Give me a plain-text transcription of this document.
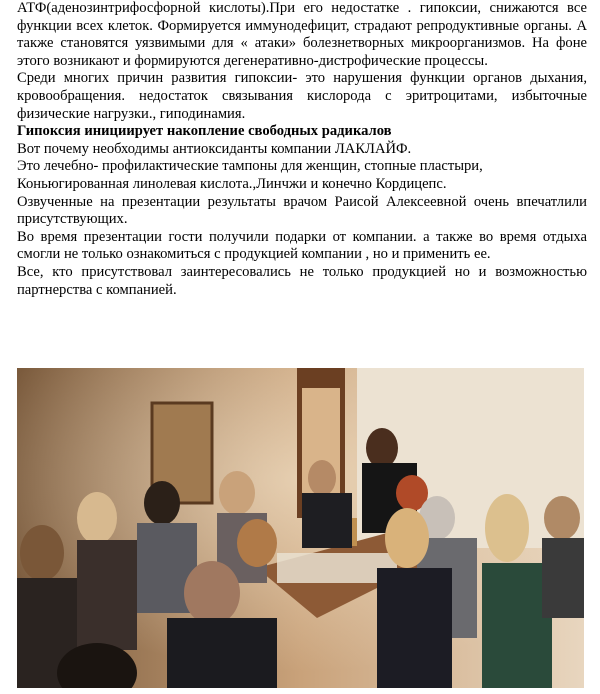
АТФ(аденозинтрифосфорной кислоты).При его недостатке . гипоксии, снижаются все функции всех клеток. Формируется иммунодефицит, страдают репродуктивные органы. А также становятся уязвимыми для « атаки» болезнетворных микроорганизмов. На фоне этого возникают и формируются дегенеративно-дистрофические процессы.

Среди многих причин развития гипоксии- это нарушения функции органов дыхания, кровообращения. недостаток связывания кислорода с эритроцитами, избыточные физические нагрузки., гиподинамия.

Гипоксия инициирует накопление свободных радикалов

Вот почему необходимы антиоксиданты компании ЛАКЛАЙФ.

Это лечебно- профилактические тампоны для женщин, стопные пластыри, Коньюгированная линолевая кислота.,Линчжи и конечно Кордицепс.

Озвученные на презентации результаты врачом Раисой Алексеевной очень впечатлили присутствующих.

Во время презентации гости получили подарки от компании. а также во время отдыха смогли не только ознакомиться с продукцией компании , но и применить ее.

Все, кто присутствовал заинтересовались не только продукцией но и возможностью партнерства с компанией.
